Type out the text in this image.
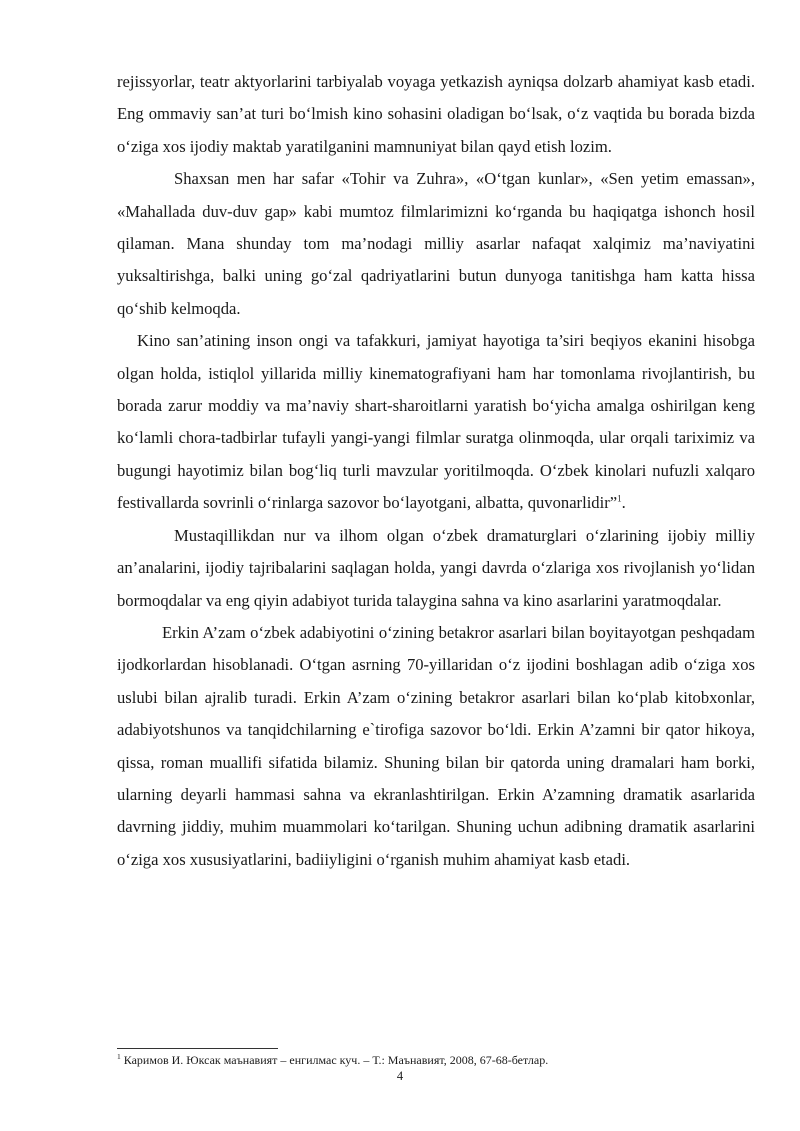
rejissyorlar, teatr aktyorlarini tarbiyalab voyaga yetkazish ayniqsa dolzarb ahamiyat kasb etadi. Eng ommaviy san’at turi bo‘lmish kino sohasini oladigan bo‘lsak, o‘z vaqtida bu borada bizda o‘ziga xos ijodiy maktab yaratilganini mamnuniyat bilan qayd etish lozim.

Shaxsan men har safar «Tohir va Zuhra», «O‘tgan kunlar», «Sen yetim emassan», «Mahallada duv-duv gap» kabi mumtoz filmlarimizni ko‘rganda bu haqiqatga ishonch hosil qilaman. Mana shunday tom ma’nodagi milliy asarlar nafaqat xalqimiz ma’naviyatini yuksaltirishga, balki uning go‘zal qadriyatlarini butun dunyoga tanitishga ham katta hissa qo‘shib kelmoqda.

Kino san’atining inson ongi va tafakkuri, jamiyat hayotiga ta’siri beqiyos ekanini hisobga olgan holda, istiqlol yillarida milliy kinematografiyani ham har tomonlama rivojlantirish, bu borada zarur moddiy va ma’naviy shart-sharoitlarni yaratish bo‘yicha amalga oshirilgan keng ko‘lamli chora-tadbirlar tufayli yangi-yangi filmlar suratga olinmoqda, ular orqali tariximiz va bugungi hayotimiz bilan bog‘liq turli mavzular yoritilmoqda. O‘zbek kinolari nufuzli xalqaro festivallarda sovrinli o‘rinlarga sazovor bo‘layotgani, albatta, quvonarlidir”$^1$.

Mustaqillikdan nur va ilhom olgan o‘zbek dramaturglari o‘zlarining ijobiy milliy an’analarini, ijodiy tajribalarini saqlagan holda, yangi davrda o‘zlariga xos rivojlanish yo‘lidan bormoqdalar va eng qiyin adabiyot turida talaygina sahna va kino asarlarini yaratmoqdalar.

Erkin A’zam o‘zbek adabiyotini o‘zining betakror asarlari bilan boyitayotgan peshqadam ijodkorlardan hisoblanadi. O‘tgan asrning 70-yillaridan o‘z ijodini boshlagan adib o‘ziga xos uslubi bilan ajralib turadi. Erkin A’zam o‘zining betakror asarlari bilan ko‘plab kitobxonlar, adabiyotshunos va tanqidchilarning e`tirofiga sazovor bo‘ldi. Erkin A’zamni bir qator hikoya, qissa, roman muallifi sifatida bilamiz. Shuning bilan bir qatorda uning dramalari ham borki, ularning deyarli hammasi sahna va ekranlashtirilgan. Erkin A’zamning dramatik asarlarida davrning jiddiy, muhim muammolari ko‘tarilgan. Shuning uchun adibning dramatik asarlarini o‘ziga xos xususiyatlarini, badiiyligini o‘rganish muhim ahamiyat kasb etadi.

$^1$ Каримов И. Юксак маънавият – енгилмас куч. – Т.: Маънавият, 2008, 67-68-бетлар.
4
